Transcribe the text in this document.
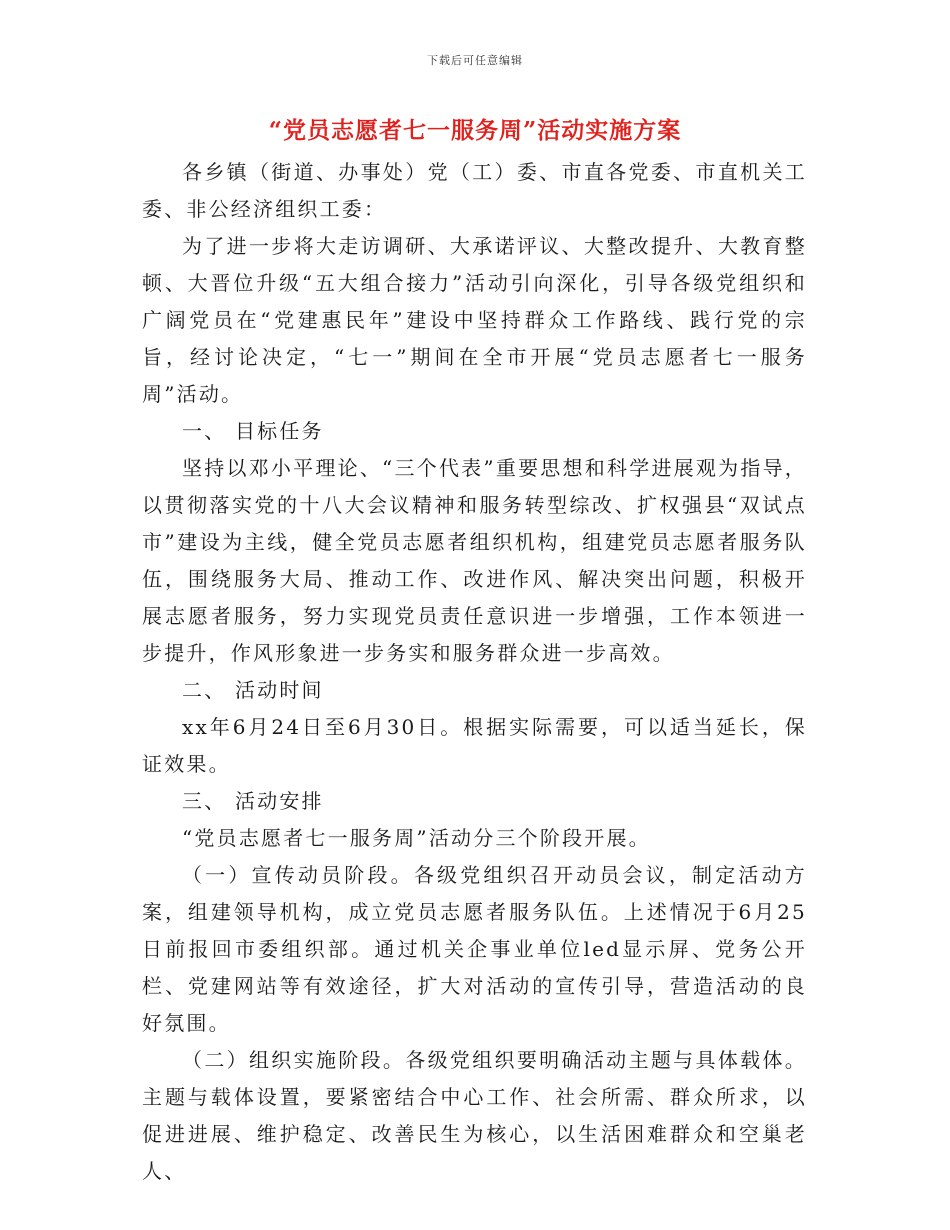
下载后可任意编辑
“党员志愿者七一服务周”活动实施方案

各乡镇（街道、办事处）党（工）委、市直各党委、市直机关工委、非公经济组织工委：

为了进一步将大走访调研、大承诺评议、大整改提升、大教育整顿、大晋位升级“五大组合接力”活动引向深化，引导各级党组织和广阔党员在“党建惠民年”建设中坚持群众工作路线、践行党的宗旨，经讨论决定，“七一”期间在全市开展“党员志愿者七一服务周”活动。

一、 目标任务

坚持以邓小平理论、“三个代表”重要思想和科学进展观为指导，以贯彻落实党的十八大会议精神和服务转型综改、扩权强县“双试点市”建设为主线，健全党员志愿者组织机构，组建党员志愿者服务队伍，围绕服务大局、推动工作、改进作风、解决突出问题，积极开展志愿者服务，努力实现党员责任意识进一步增强，工作本领进一步提升，作风形象进一步务实和服务群众进一步高效。

二、 活动时间

xx年6月24日至6月30日。根据实际需要，可以适当延长，保证效果。

三、 活动安排

“党员志愿者七一服务周”活动分三个阶段开展。

（一）宣传动员阶段。各级党组织召开动员会议，制定活动方案，组建领导机构，成立党员志愿者服务队伍。上述情况于6月25日前报回市委组织部。通过机关企事业单位led显示屏、党务公开栏、党建网站等有效途径，扩大对活动的宣传引导，营造活动的良好氛围。

（二）组织实施阶段。各级党组织要明确活动主题与具体载体。主题与载体设置，要紧密结合中心工作、社会所需、群众所求，以促进进展、维护稳定、改善民生为核心，以生活困难群众和空巢老人、
